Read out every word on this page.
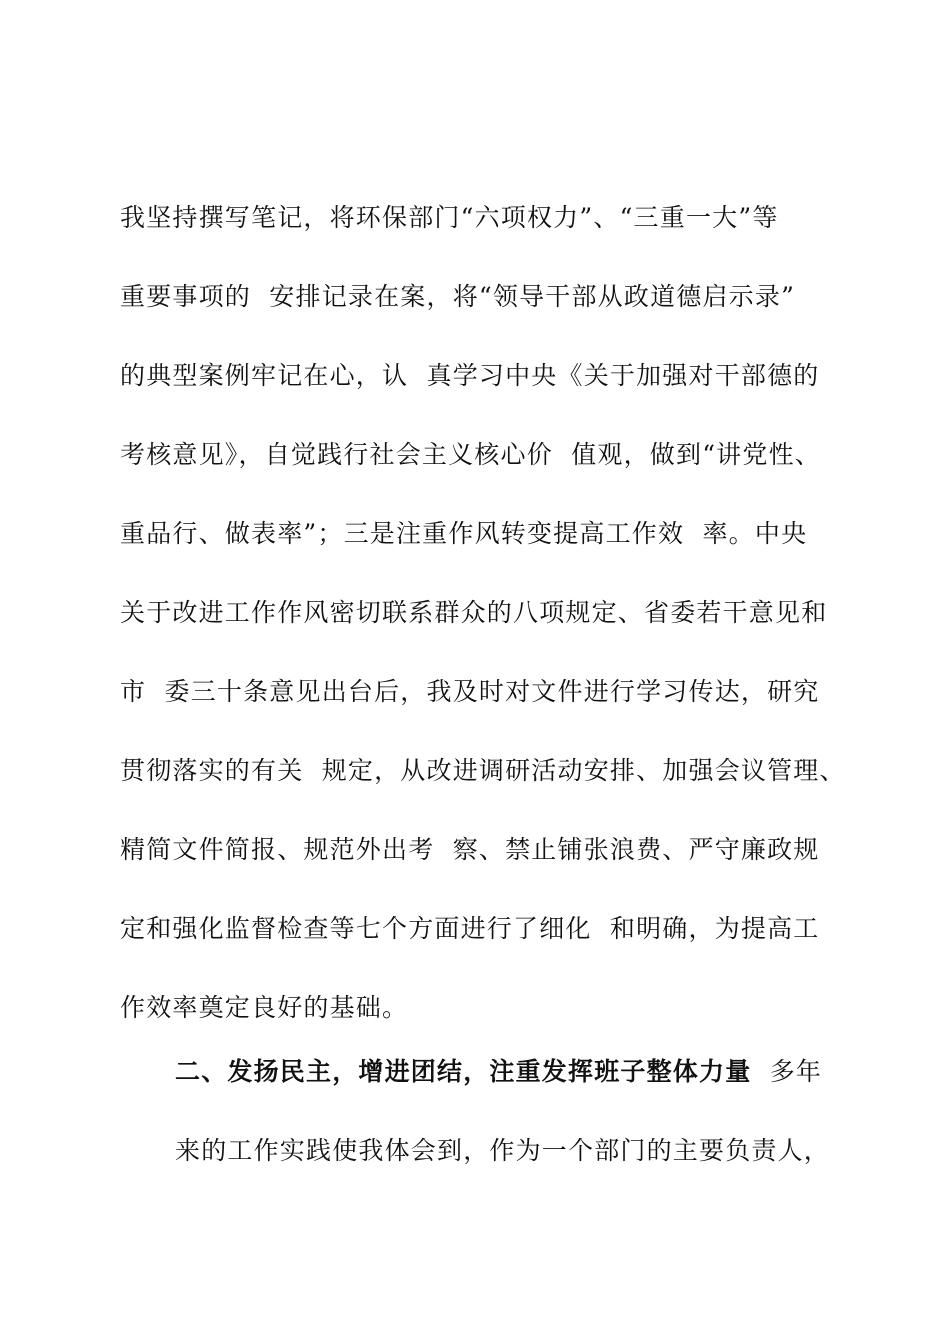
我坚持撰写笔记，将环保部门“六项权力”、“三重一大”等
重要事项的  安排记录在案，将“领导干部从政道德启示录”
的典型案例牢记在心，认  真学习中央《关于加强对干部德的
考核意见》，自觉践行社会主义核心价  值观，做到“讲党性、
重品行、做表率”；三是注重作风转变提高工作效  率。中央
关于改进工作作风密切联系群众的八项规定、省委若干意见和
市  委三十条意见出台后，我及时对文件进行学习传达，研究
贯彻落实的有关  规定，从改进调研活动安排、加强会议管理、
精简文件简报、规范外出考  察、禁止铺张浪费、严守廉政规
定和强化监督检查等七个方面进行了细化  和明确，为提高工
作效率奠定良好的基础。
二、发扬民主，增进团结，注重发挥班子整体力量  多年
来的工作实践使我体会到，作为一个部门的主要负责人，
